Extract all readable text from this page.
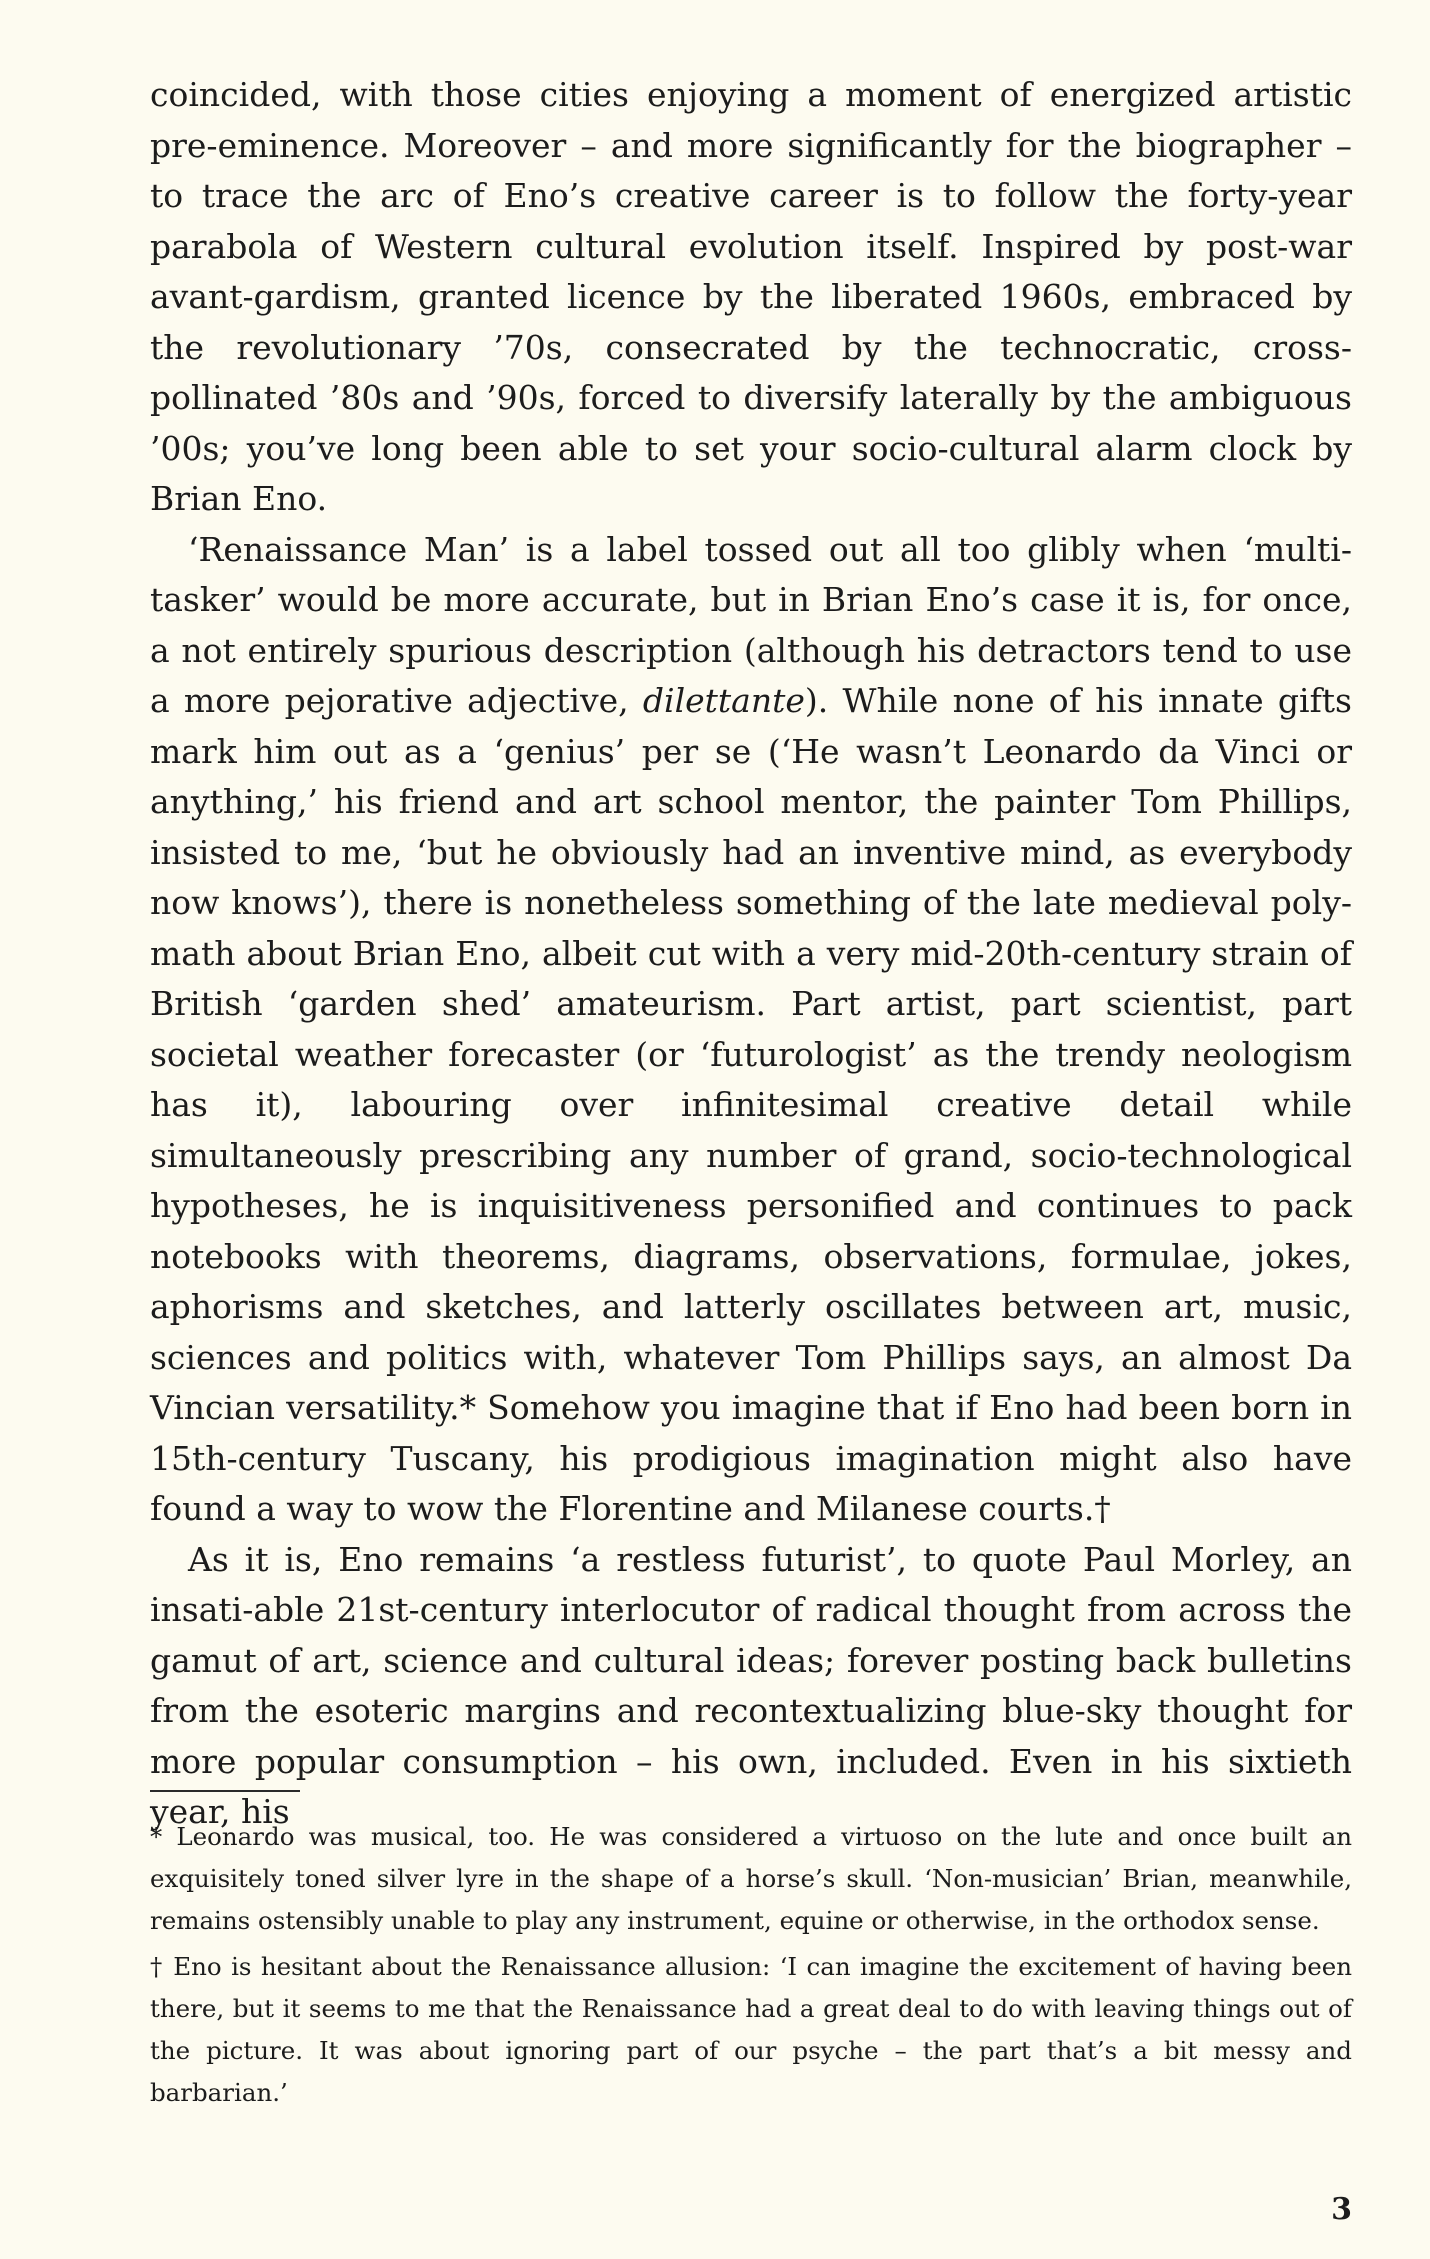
coincided, with those cities enjoying a moment of energized artistic pre-eminence. Moreover – and more significantly for the biographer – to trace the arc of Eno’s creative career is to follow the forty-year parabola of Western cultural evolution itself. Inspired by post-war avant-gardism, granted licence by the liberated 1960s, embraced by the revolutionary ’70s, consecrated by the technocratic, cross-pollinated ’80s and ’90s, forced to diversify laterally by the ambiguous ’00s; you’ve long been able to set your socio-cultural alarm clock by Brian Eno.

‘Renaissance Man’ is a label tossed out all too glibly when ‘multi-tasker’ would be more accurate, but in Brian Eno’s case it is, for once, a not entirely spurious description (although his detractors tend to use a more pejorative adjective, dilettante). While none of his innate gifts mark him out as a ‘genius’ per se (‘He wasn’t Leonardo da Vinci or anything,’ his friend and art school mentor, the painter Tom Phillips, insisted to me, ‘but he obviously had an inventive mind, as everybody now knows’), there is nonetheless something of the late medieval poly-math about Brian Eno, albeit cut with a very mid-20th-century strain of British ‘garden shed’ amateurism. Part artist, part scientist, part societal weather forecaster (or ‘futurologist’ as the trendy neologism has it), labouring over infinitesimal creative detail while simultaneously prescribing any number of grand, socio-technological hypotheses, he is inquisitiveness personified and continues to pack notebooks with theorems, diagrams, observations, formulae, jokes, aphorisms and sketches, and latterly oscillates between art, music, sciences and politics with, whatever Tom Phillips says, an almost Da Vincian versatility.* Somehow you imagine that if Eno had been born in 15th-century Tuscany, his prodigious imagination might also have found a way to wow the Florentine and Milanese courts.†

As it is, Eno remains ‘a restless futurist’, to quote Paul Morley, an insati-able 21st-century interlocutor of radical thought from across the gamut of art, science and cultural ideas; forever posting back bulletins from the esoteric margins and recontextualizing blue-sky thought for more popular consumption – his own, included. Even in his sixtieth year, his

* Leonardo was musical, too. He was considered a virtuoso on the lute and once built an exquisitely toned silver lyre in the shape of a horse’s skull. ‘Non-musician’ Brian, meanwhile, remains ostensibly unable to play any instrument, equine or otherwise, in the orthodox sense.

† Eno is hesitant about the Renaissance allusion: ‘I can imagine the excitement of having been there, but it seems to me that the Renaissance had a great deal to do with leaving things out of the picture. It was about ignoring part of our psyche – the part that’s a bit messy and barbarian.’

3
